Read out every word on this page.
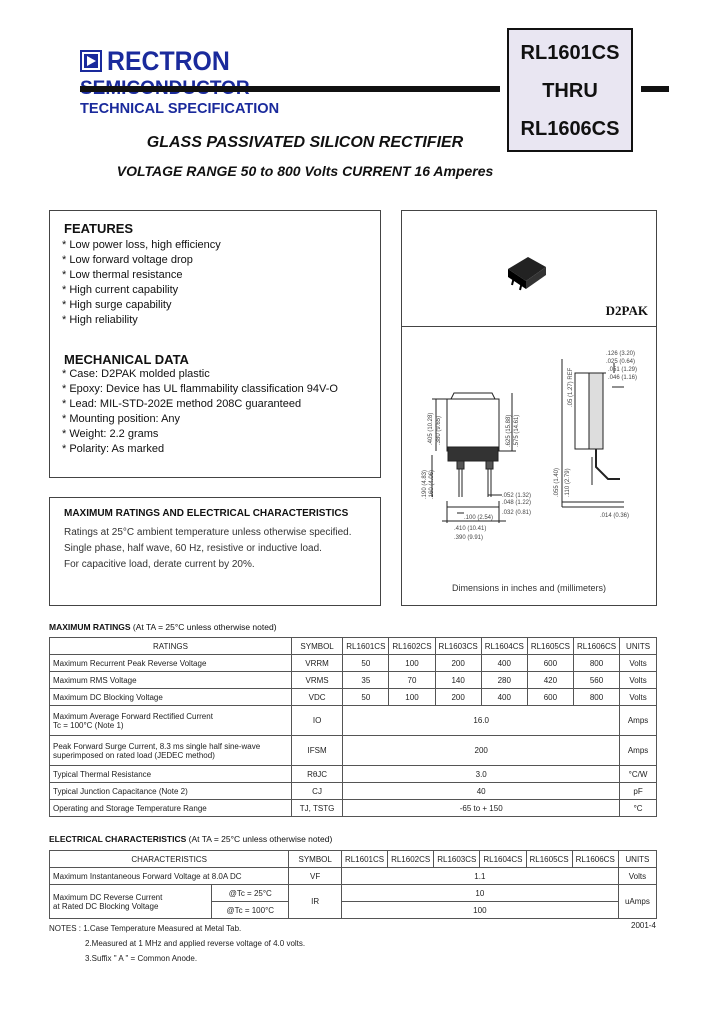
RECTRON
TECHNICAL SPECIFICATION
RL1601CS
THRU
RL1606CS
GLASS PASSIVATED SILICON RECTIFIER
VOLTAGE RANGE 50 to 800 Volts CURRENT 16 Amperes
FEATURES
* Low power loss, high efficiency
* Low forward voltage drop
* Low thermal resistance
* High current capability
* High surge capability
* High reliability
MECHANICAL DATA
* Case: D2PAK molded plastic
* Epoxy: Device has UL flammability classification 94V-O
* Lead: MIL-STD-202E method 208C guaranteed
* Mounting position: Any
* Weight: 2.2 grams
* Polarity: As marked
D2PAK
.126 (3.20)
.025 (0.64)
.051 (1.29)
.046 (1.16)
.405 (10.28) .380 (9.65)	.625 (15.88) .575 (14.61)
.190 (4.83) .160 (4.06)	.052 (1.32)
.048 (1.22)
.032 (0.81)
.100 (2.54)
.410 (10.41)
.390 (9.91)
.055 (1.40) .110 (2.79)
.014 (0.36)
.05 (1.27) REF
Dimensions in inches and (millimeters)
MAXIMUM RATINGS AND ELECTRICAL CHARACTERISTICS
Ratings at 25°C ambient temperature unless otherwise specified.
Single phase, half wave, 60 Hz, resistive or inductive load.
For capacitive load, derate current by 20%.
MAXIMUM RATINGS (At TA = 25°C unless otherwise noted)
RATINGS	SYMBOL	RL1601CS	RL1602CS	RL1603CS	RL1604CS	RL1605CS	RL1606CS	UNITS
Maximum Recurrent Peak Reverse Voltage	VRRM	50	100	200	400	600	800	Volts
Maximum RMS Voltage	VRMS	35	70	140	280	420	560	Volts
Maximum DC Blocking Voltage	VDC	50	100	200	400	600	800	Volts

Maximum Average Forward Rectified Current
Tc = 100°C (Note 1)	IO	16.0						Amps

Peak Forward Surge Current, 8.3 ms single half sine-wave
superimposed on rated load (JEDEC method)	IFSM	200						Amps
Typical Thermal Resistance	RθJC	3.0						°C/W
Typical Junction Capacitance (Note 2)	CJ	40						pF
Operating and Storage Temperature Range	TJ, TSTG	-65 to + 150						°C
ELECTRICAL CHARACTERISTICS (At TA = 25°C unless otherwise noted)
CHARACTERISTICS		SYMBOL	RL1601CS	RL1602CS	RL1603CS	RL1604CS	RL1605CS	RL1606CS	UNITS
Maximum Instantaneous Forward Voltage at 8.0A DC		VF	1.1						Volts

Maximum DC Reverse Current
at Rated DC Blocking Voltage	@Tc = 25°C	IR	10						uAmps
	@Tc = 100°C		100						
NOTES : 1.Case Temperature Measured at Metal Tab.
2.Measured at 1 MHz and applied reverse voltage of 4.0 volts.
3.Suffix " A " = Common Anode.
2001-4
